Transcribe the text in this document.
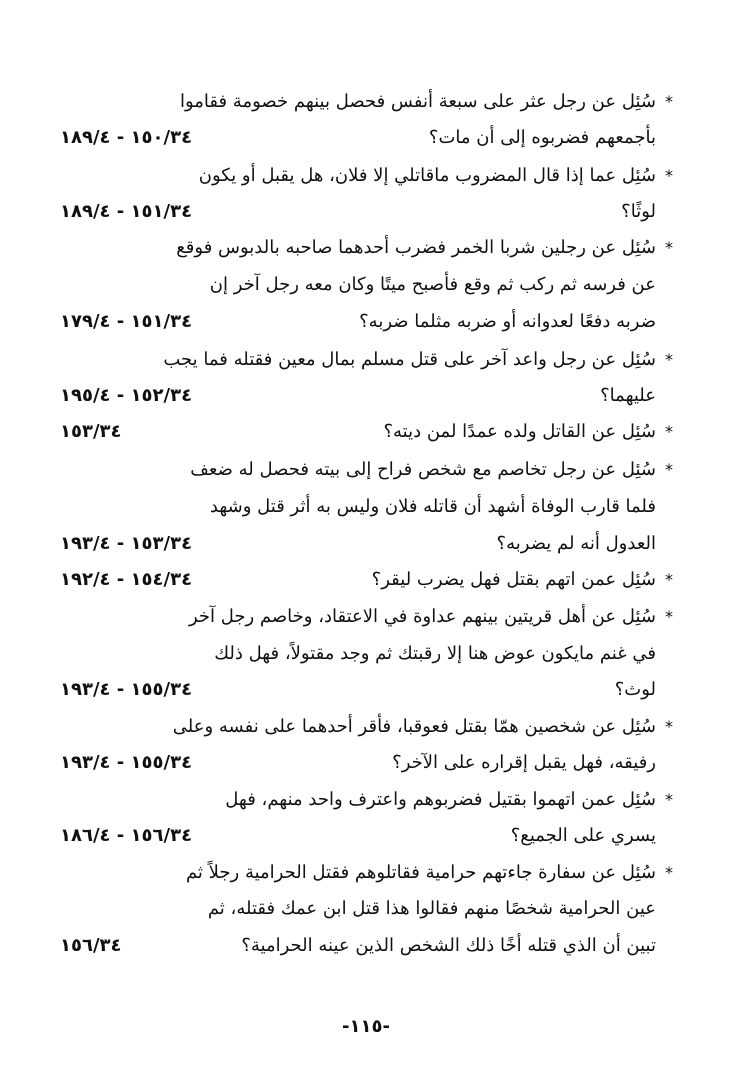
*سُئِل عن رجل عثر على سبعة أنفس فحصل بينهم خصومة فقاموا
بأجمعهم فضربوه إلى أن مات؟
١٥٠/٣٤ - ١٨٩/٤
*سُئِل عما إذا قال المضروب ماقاتلي إلا فلان، هل يقبل أو يكون
لوثًا؟
١٥١/٣٤ - ١٨٩/٤
*سُئِل عن رجلين شربا الخمر فضرب أحدهما صاحبه بالدبوس فوقع
عن فرسه ثم ركب ثم وقع فأصبح ميتًا وكان معه رجل آخر إن
ضربه دفعًا لعدوانه أو ضربه مثلما ضربه؟
١٥١/٣٤ - ١٧٩/٤
*سُئِل عن رجل واعد آخر على قتل مسلم بمال معين فقتله فما يجب
عليهما؟
١٥٢/٣٤ - ١٩٥/٤
*سُئِل عن القاتل ولده عمدًا لمن ديته؟
١٥٣/٣٤
*سُئِل عن رجل تخاصم مع شخص فراح إلى بيته فحصل له ضعف
فلما قارب الوفاة أشهد أن قاتله فلان وليس به أثر قتل وشهد
العدول أنه لم يضربه؟
١٥٣/٣٤ - ١٩٣/٤
*سُئِل عمن اتهم بقتل فهل يضرب ليقر؟
١٥٤/٣٤ - ١٩٢/٤
*سُئِل عن أهل قريتين بينهم عداوة في الاعتقاد، وخاصم رجل آخر
في غنم مايكون عوض هنا إلا رقبتك ثم وجد مقتولاً، فهل ذلك
لوث؟
١٥٥/٣٤ - ١٩٣/٤
*سُئِل عن شخصين همّا بقتل فعوقبا، فأقر أحدهما على نفسه وعلى
رفيقه، فهل يقبل إقراره على الآخر؟
١٥٥/٣٤ - ١٩٣/٤
*سُئِل عمن اتهموا بقتيل فضربوهم واعترف واحد منهم، فهل
يسري على الجميع؟
١٥٦/٣٤ - ١٨٦/٤
*سُئِل عن سفارة جاءتهم حرامية فقاتلوهم فقتل الحرامية رجلاً ثم
عين الحرامية شخصًا منهم فقالوا هذا قتل ابن عمك فقتله، ثم
تبين أن الذي قتله أخًا ذلك الشخص الذين عينه الحرامية؟
١٥٦/٣٤
-١١٥-
